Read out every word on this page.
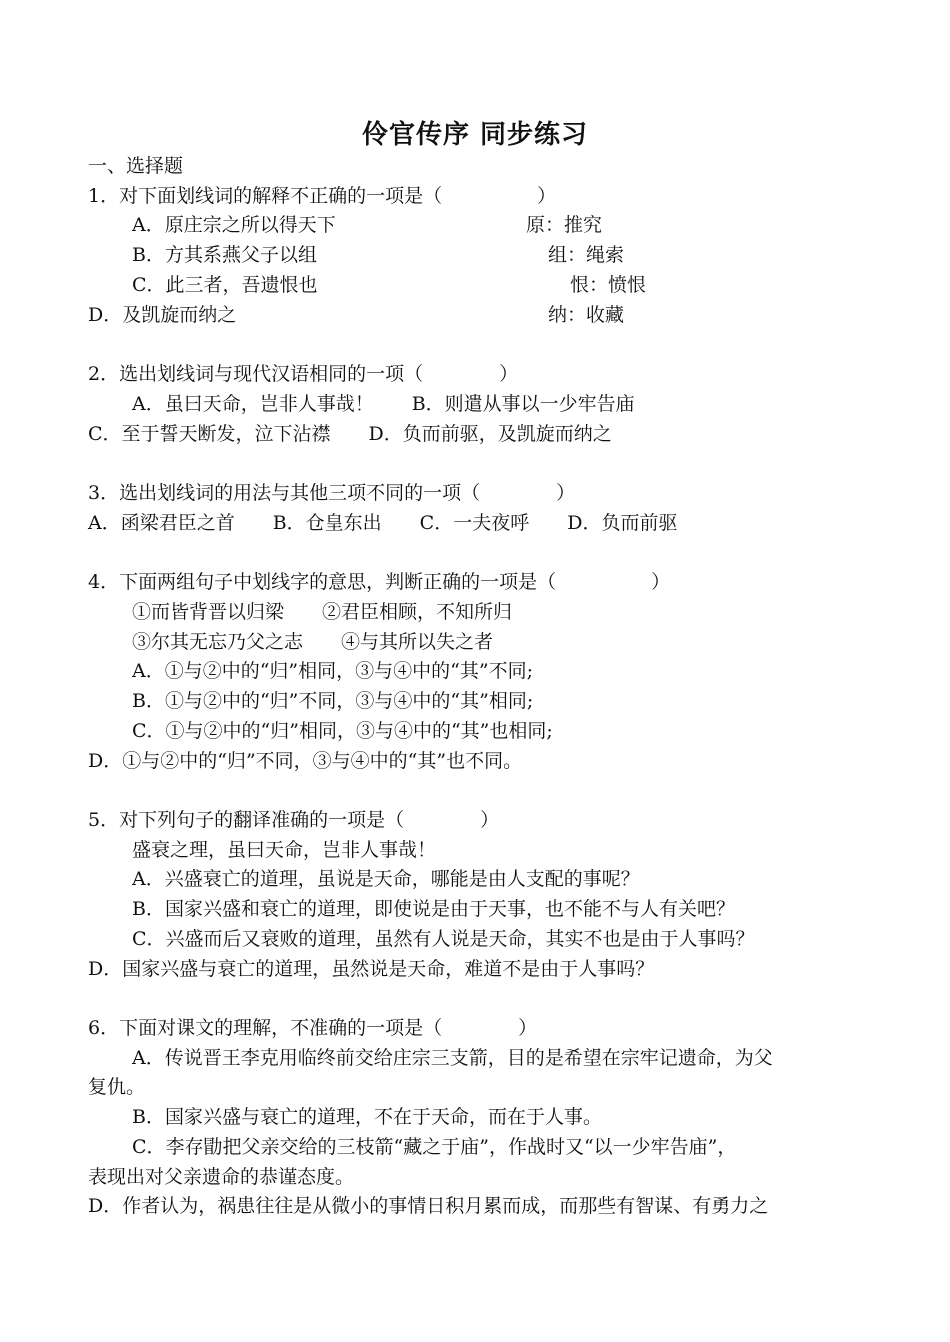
伶官传序 同步练习
一、选择题
1．对下面划线词的解释不正确的一项是（　　　　　）
A．原庄宗之所以得天下	原：推究
B．方其系燕父子以组	组：绳索
C．此三者，吾遗恨也	恨：愤恨
D．及凯旋而纳之	纳：收藏
2．选出划线词与现代汉语相同的一项（　　　　）
A．虽曰天命，岂非人事哉！　　B．则遣从事以一少牢告庙
C．至于誓天断发，泣下沾襟　　D．负而前驱，及凯旋而纳之
3．选出划线词的用法与其他三项不同的一项（　　　　）
A．函梁君臣之首　　B．仓皇东出　　C．一夫夜呼　　D．负而前驱
4．下面两组句子中划线字的意思，判断正确的一项是（　　　　　）
①而皆背晋以归梁　　②君臣相顾，不知所归
③尔其无忘乃父之志　　④与其所以失之者
A．①与②中的“归”相同，③与④中的“其”不同;
B．①与②中的“归”不同，③与④中的“其”相同;
C．①与②中的“归”相同，③与④中的“其”也相同;
D．①与②中的“归”不同，③与④中的“其”也不同。
5．对下列句子的翻译准确的一项是（　　　　）
盛衰之理，虽曰天命，岂非人事哉！
A．兴盛衰亡的道理，虽说是天命，哪能是由人支配的事呢？
B．国家兴盛和衰亡的道理，即使说是由于天事，也不能不与人有关吧？
C．兴盛而后又衰败的道理，虽然有人说是天命，其实不也是由于人事吗？
D．国家兴盛与衰亡的道理，虽然说是天命，难道不是由于人事吗？
6．下面对课文的理解，不准确的一项是（　　　　）
A．传说晋王李克用临终前交给庄宗三支箭，目的是希望在宗牢记遗命，为父
复仇。
B．国家兴盛与衰亡的道理，不在于天命，而在于人事。
C．李存勖把父亲交给的三枝箭“藏之于庙”，作战时又“以一少牢告庙”，
表现出对父亲遗命的恭谨态度。
D．作者认为，祸患往往是从微小的事情日积月累而成，而那些有智谋、有勇力之
